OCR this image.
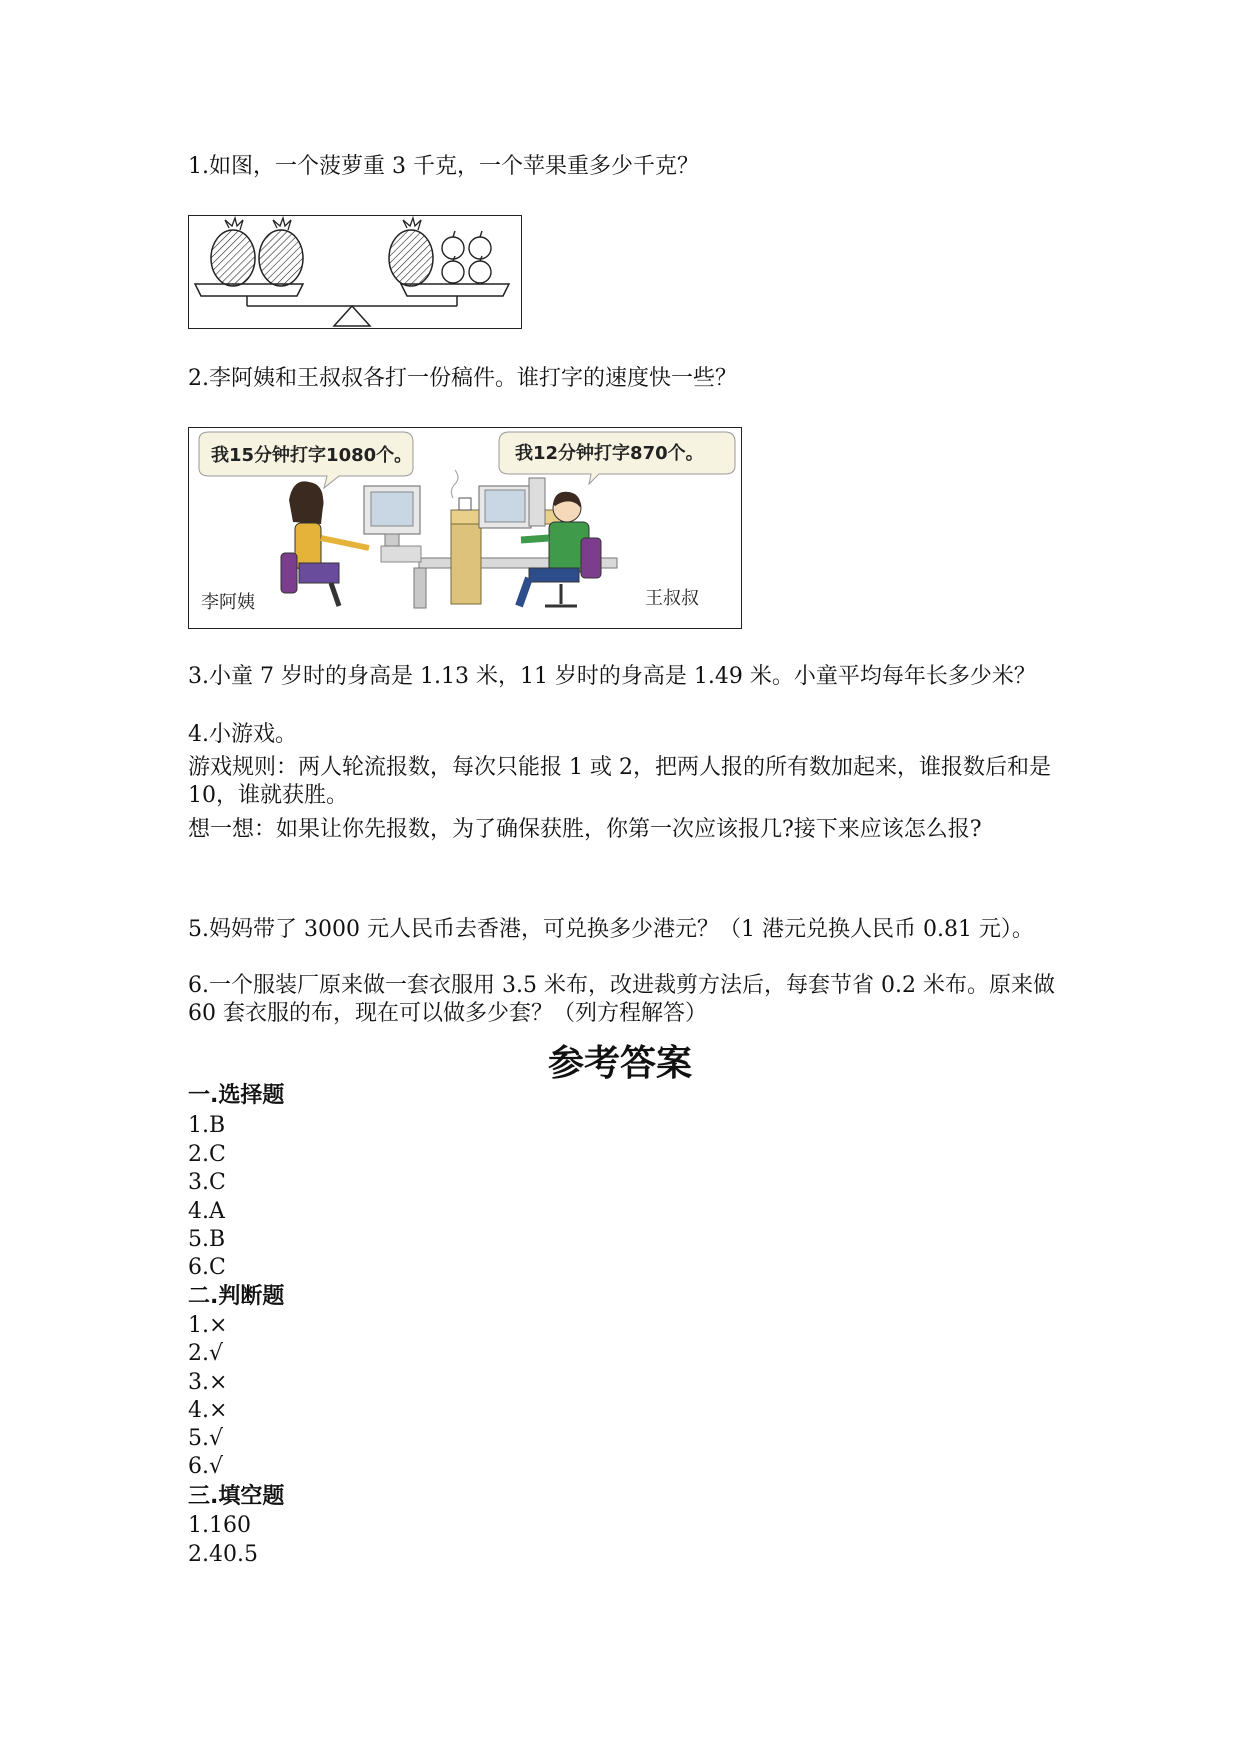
1.如图，一个菠萝重 3 千克，一个苹果重多少千克？
2.李阿姨和王叔叔各打一份稿件。谁打字的速度快一些？
我15分钟打字1080个。	我12分钟打字870个。
李阿姨	王叔叔
3.小童 7 岁时的身高是 1.13 米，11 岁时的身高是 1.49 米。小童平均每年长多少米？
4.小游戏。
游戏规则：两人轮流报数，每次只能报 1 或 2，把两人报的所有数加起来，谁报数后和是 10，谁就获胜。
想一想：如果让你先报数，为了确保获胜，你第一次应该报几?接下来应该怎么报?
5.妈妈带了 3000 元人民币去香港，可兑换多少港元？（1 港元兑换人民币 0.81 元）。
6.一个服装厂原来做一套衣服用 3.5 米布，改进裁剪方法后，每套节省 0.2 米布。原来做 60 套衣服的布，现在可以做多少套？（列方程解答）
参考答案
一.选择题
1.B
2.C
3.C
4.A
5.B
6.C
二.判断题
1.×
2.√
3.×
4.×
5.√
6.√
三.填空题
1.160
2.40.5
